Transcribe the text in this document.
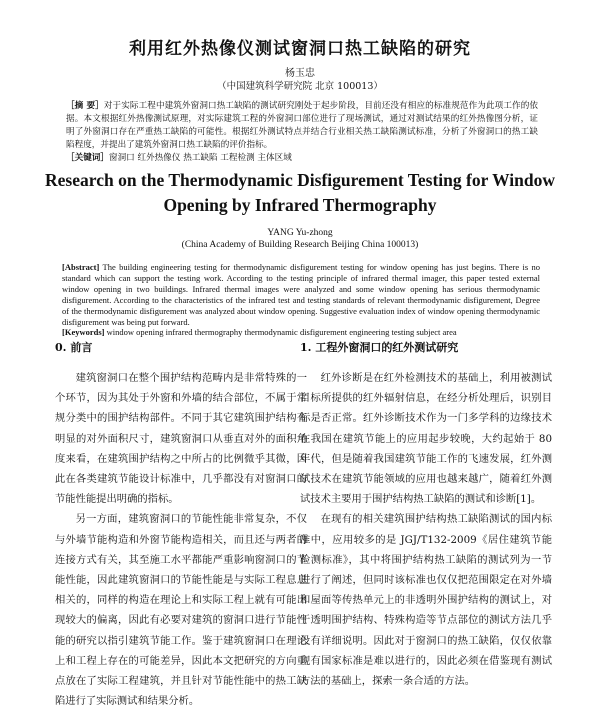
利用红外热像仪测试窗洞口热工缺陷的研究
杨玉忠
（中国建筑科学研究院 北京 100013）
［摘 要］对于实际工程中建筑外窗洞口热工缺陷的测试研究刚处于起步阶段，目前还没有相应的标准规范作为此项工作的依据。本文根据红外热像测试原理，对实际建筑工程的外窗洞口部位进行了现场测试，通过对测试结果的红外热像图分析，证明了外窗洞口存在严重热工缺陷的可能性。根据红外测试特点并结合行业相关热工缺陷测试标准，分析了外窗洞口的热工缺陷程度，并提出了建筑外窗洞口热工缺陷的评价指标。
［关键词］窗洞口 红外热像仪 热工缺陷 工程检测 主体区域
Research on the Thermodynamic Disfigurement Testing for Window Opening by Infrared Thermography
YANG Yu-zhong
(China Academy of Building Research Beijing China 100013)
[Abstract] The building engineering testing for thermodynamic disfigurement testing for window opening has just begins. There is no standard which can support the testing work. According to the testing principle of infrared thermal imager, this paper tested external window opening in two buildings. Infrared thermal images were analyzed and some window opening has serious thermodynamic disfigurement. According to the characteristics of the infrared test and testing standards of relevant thermodynamic disfigurement, Degree of the thermodynamic disfigurement was analyzed about window opening. Suggestive evaluation index of window opening thermodynamic disfigurement was being put forward.
[Keywords] window opening infrared thermography thermodynamic disfigurement engineering testing subject area
0. 前言

建筑窗洞口在整个围护结构范畴内是非常特殊的一个环节，因为其处于外窗和外墙的结合部位，不属于常规分类中的围护结构部件。不同于其它建筑围护结构有明显的对外面积尺寸，建筑窗洞口从垂直对外的面积角度来看，在建筑围护结构之中所占的比例微乎其微，因此在各类建筑节能设计标准中，几乎都没有对窗洞口的节能性能提出明确的指标。

另一方面，建筑窗洞口的节能性能非常复杂，不仅与外墙节能构造和外窗节能构造相关，而且还与两者的连接方式有关，其至施工水平都能严重影响窗洞口的节能性能，因此建筑窗洞口的节能性能是与实际工程息息相关的，同样的构造在理论上和实际工程上就有可能出现较大的偏离，因此有必要对建筑的窗洞口进行节能性能的研究以指引建筑节能工作。鉴于建筑窗洞口在理论上和工程上存在的可能差异，因此本文把研究的方向重点放在了实际工程建筑，并且针对节能性能中的热工缺陷进行了实际测试和结果分析。

1. 工程外窗洞口的红外测试研究

红外诊断是在红外检测技术的基础上，利用被测试目标所提供的红外辐射信息，在经分析处理后，识别目标是否正常。红外诊断技术作为一门多学科的边缘技术在我国在建筑节能上的应用起步较晚，大约起始于 80 年代，但是随着我国建筑节能工作的飞速发展，红外测试技术在建筑节能领域的应用也越来越广，随着红外测试技术主要用于围护结构热工缺陷的测试和诊断[1]。

在现有的相关建筑围护结构热工缺陷测试的国内标准中，应用较多的是 JGJ/T132-2009《居住建筑节能检测标准》，其中将围护结构热工缺陷的测试列为一节进行了阐述，但同时该标准也仅仅把范围限定在对外墙和屋面等传热单元上的非透明外围护结构的测试上，对于透明围护结构、特殊构造等节点部位的测试方法几乎没有详细说明。因此对于窗洞口的热工缺陷，仅仅依靠现有国家标准是难以进行的，因此必须在借鉴现有测试方法的基础上，探索一条合适的方法。
